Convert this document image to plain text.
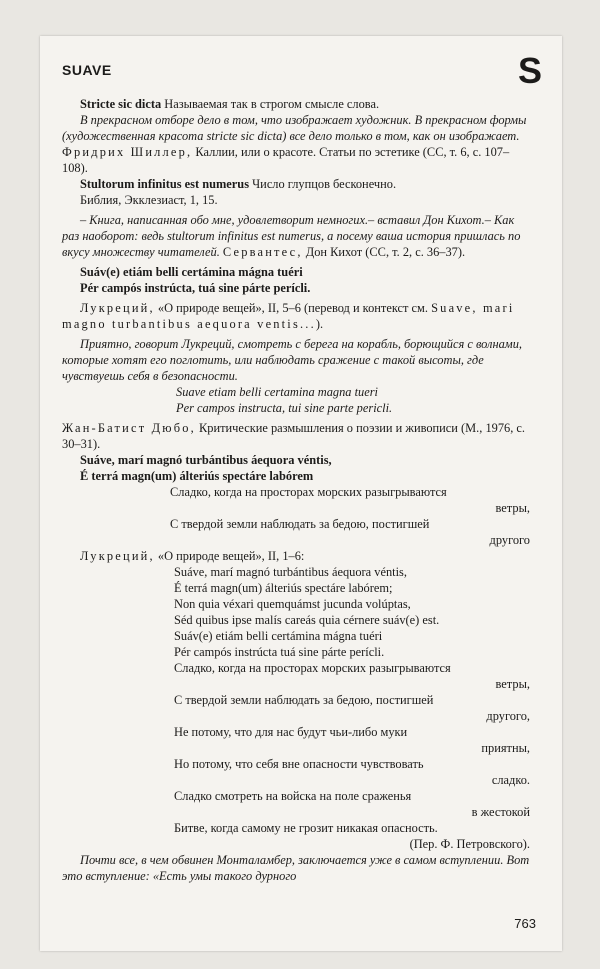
SUAVE	S

Stricte sic dicta Называемая так в строгом смысле слова.

В прекрасном отборе дело в том, что изображает художник. В прекрасном формы (художественная красота stricte sic dicta) все дело только в том, как он изображает. Фридрих Шиллер, Каллии, или о красоте. Статьи по эстетике (СС, т. 6, с. 107–108).

Stultorum infinitus est numerus Число глупцов бесконечно.

Библия, Экклезиаст, 1, 15.

– Книга, написанная обо мне, удовлетворит немногих.– вставил Дон Кихот.– Как раз наоборот: ведь stultorum infinitus est numerus, а посему ваша история пришлась по вкусу множеству читателей. Сервантес, Дон Кихот (СС, т. 2, с. 36–37).

Suáv(e) etiám belli certámina mágna tuéri

Pér campós instrúcta, tuá sine párte perícli.

Лукреций, «О природе вещей», II, 5–6 (перевод и контекст см. Suave, mari magno turbantibus aequora ventis...).

Приятно, говорит Лукреций, смотреть с берега на корабль, борющийся с волнами, которые хотят его поглотить, или наблюдать сражение с такой высоты, где чувствуешь себя в безопасности.

Suave etiam belli certamina magna tueri

Per campos instructa, tui sine parte pericli.

Жан-Батист Дюбо, Критические размышления о поэзии и живописи (М., 1976, с. 30–31).

Suáve, marí magnó turbántibus áequora véntis,

É terrá magn(um) álteriús spectáre labórem

Сладко, когда на просторах морских разыгрываются

ветры,

С твердой земли наблюдать за бедою, постигшей

другого

Лукреций, «О природе вещей», II, 1–6:

Suáve, marí magnó turbántibus áequora véntis,

É terrá magn(um) álteriús spectáre labórem;

Non quia véxari quemquámst jucunda volúptas,

Séd quibus ipse malís careás quia cérnere suáv(e) est.

Suáv(e) etiám belli certámina mágna tuéri

Pér campós instrúcta tuá sine párte perícli.

Сладко, когда на просторах морских разыгрываются

ветры,

С твердой земли наблюдать за бедою, постигшей

другого,

Не потому, что для нас будут чьи-либо муки

приятны,

Но потому, что себя вне опасности чувствовать

сладко.

Сладко смотреть на войска на поле сраженья

в жестокой

Битве, когда самому не грозит никакая опасность.

(Пер. Ф. Петровского).

Почти все, в чем обвинен Монталамбер, заключается уже в самом вступлении. Вот это вступление: «Есть умы такого дурного

763
